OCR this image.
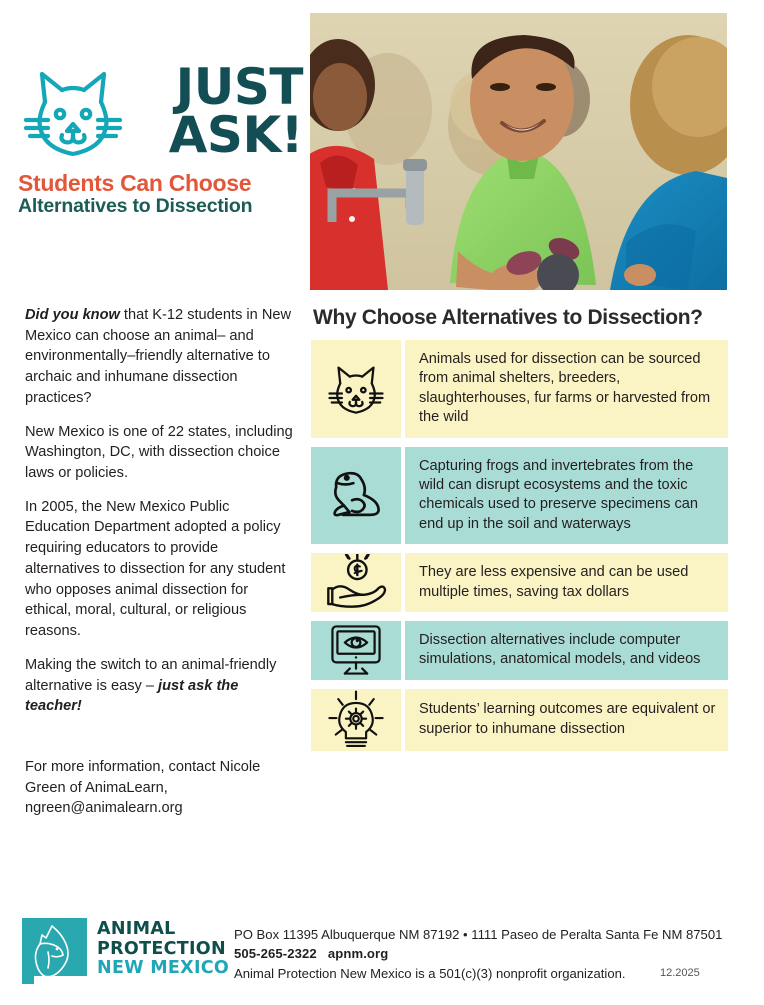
JUST
ASK!
Students Can Choose
Alternatives to Dissection

Did you know that K-12 students in New Mexico can choose an animal– and environmentally–friendly alternative to archaic and inhumane dissection practices?

New Mexico is one of 22 states, including Washington, DC, with dissection choice laws or policies.

In 2005, the New Mexico Public Education Department adopted a policy requiring educators to provide alternatives to dissection for any student who opposes animal dissection for ethical, moral, cultural, or religious reasons.

Making the switch to an animal-friendly alternative is easy – just ask the teacher!

For more information, contact Nicole Green of AnimaLearn, ngreen@animalearn.org
Why Choose Alternatives to Dissection?
Animals used for dissection can be sourced from animal shelters, breeders, slaughterhouses, fur farms or harvested from the wild
Capturing frogs and invertebrates from the wild can disrupt ecosystems and the toxic chemicals used to preserve specimens can end up in the soil and waterways
They are less expensive and can be used multiple times, saving tax dollars
Dissection alternatives include computer simulations, anatomical models, and videos
Students’ learning outcomes are equivalent or superior to inhumane dissection
ANIMAL
PROTECTION
NEW MEXICO
PO Box 11395 Albuquerque NM 87192 • 1111 Paseo de Peralta Santa Fe NM 87501
505-265-2322 apnm.org
Animal Protection New Mexico is a 501(c)(3) nonprofit organization.	12.2025
